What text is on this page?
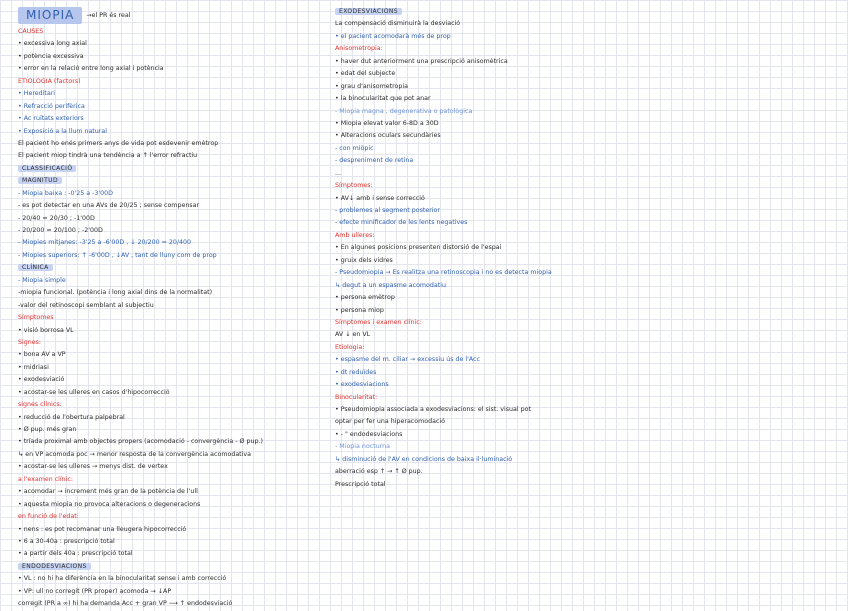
MIOPIA →el PR és real
CAUSES
• excessiva long axial
• potència excessiva
• error en la relació entre long axial i potència
ETIOLOGIA (factors)
• Hereditari
• Refracció perifèrica
• Ac ruïtats exteriors
• Exposició a la llum natural
El pacient ho enés primers anys de vida pot esdevenir emètrop
El pacient miop tindrà una tendència a ↑ l'error refractiu
CLASSIFICACIÓ
MAGNITUD
- Miopia baixa : -0'25 a -3'00D
- es pot detectar en una AVs de 20/25 ; sense compensar
- 20/40 = 20/30 ; -1'00D
- 20/200 = 20/100 ; -2'00D
- Miopies mitjanes: -3'25 a -6'00D , ↓ 20/200 = 20/400
- Miopies superiors: ↑ -6'00D , ↓AV , tant de lluny com de prop
CLÍNICA
- Miopia simple
-miopia funcional. (potència i long axial dins de la normalitat)
-valor del retinoscopi semblant al subjectiu
Símptomes
• visió borrosa VL
Signes:
• bona AV a VP
• midriasi
• exodesviació
• acostar-se les ulleres en casos d'hipocorrecció
signes clínics:
• reducció de l'obertura palpebral
• Ø pup. més gran
• tríada proximal amb objectes propers (acomodació - convergència - Ø pup.)
↳ en VP acomoda poc → menor resposta de la convergència acomodativa
• acostar-se les ulleres → menys dist. de vertex
a l'examen clínic:
• acomodar → increment més gran de la potència de l'ull
• aquesta miopia no provoca alteracions o degeneracions
en funció de l'edat:
• nens : es pot recomanar una lleugera hipocorrecció
• 6 a 30-40a : prescripció total
• a partir dels 40a : prescripció total
ENDODESVIACIONS
• VL : no hi ha diferència en la binocularitat sense i amb correcció
• VP: ull no corregit (PR proper) acomoda → ↓AP
corregit (PR a ∞) hi ha demanda Acc + gran VP ⟶ ↑ endodesviació
EXODESVIACIONS
La compensació disminuirà la desviació
• el pacient acomodarà més de prop
Anisometropia:
• haver dut anteriorment una prescripció anisomètrica
• edat del subjecte
• grau d'anisometropia
• la binocularitat que pot anar
- Miopia magna , degenerativa o patològica
• Miopia elevat valor 6-8D a 30D
• Alteracions oculars secundàries
- con miòpic
- despreniment de retina
...
Símptomes:
• AV↓ amb i sense correcció
- problemes al segment posterior
- efecte minificador de les lents negatives
Amb ulleres:
• En algunes posicions presenten distorsió de l'espai
• gruix dels vidres
- Pseudomiopia → Es realitza una retinoscopia i no es detecta miopia
↳ degut a un espasme acomodatiu
• persona emètrop
• persona miop
Símptomes i examen clínic:
AV ↓ en VL
Etiologia:
• espasme del m. ciliar → excessiu ús de l'Acc
• dt reduïdes
• exodesviacions
Binocularitat:
• Pseudomiopia associada a exodesviacions: el sist. visual pot
optar per fer una hiperacomodació
• - " endodesviacions
- Miopia nocturna
↳ disminució de l'AV en condicions de baixa il·luminació
aberració esp ↑ → ↑ Ø pup.
Prescripció total
